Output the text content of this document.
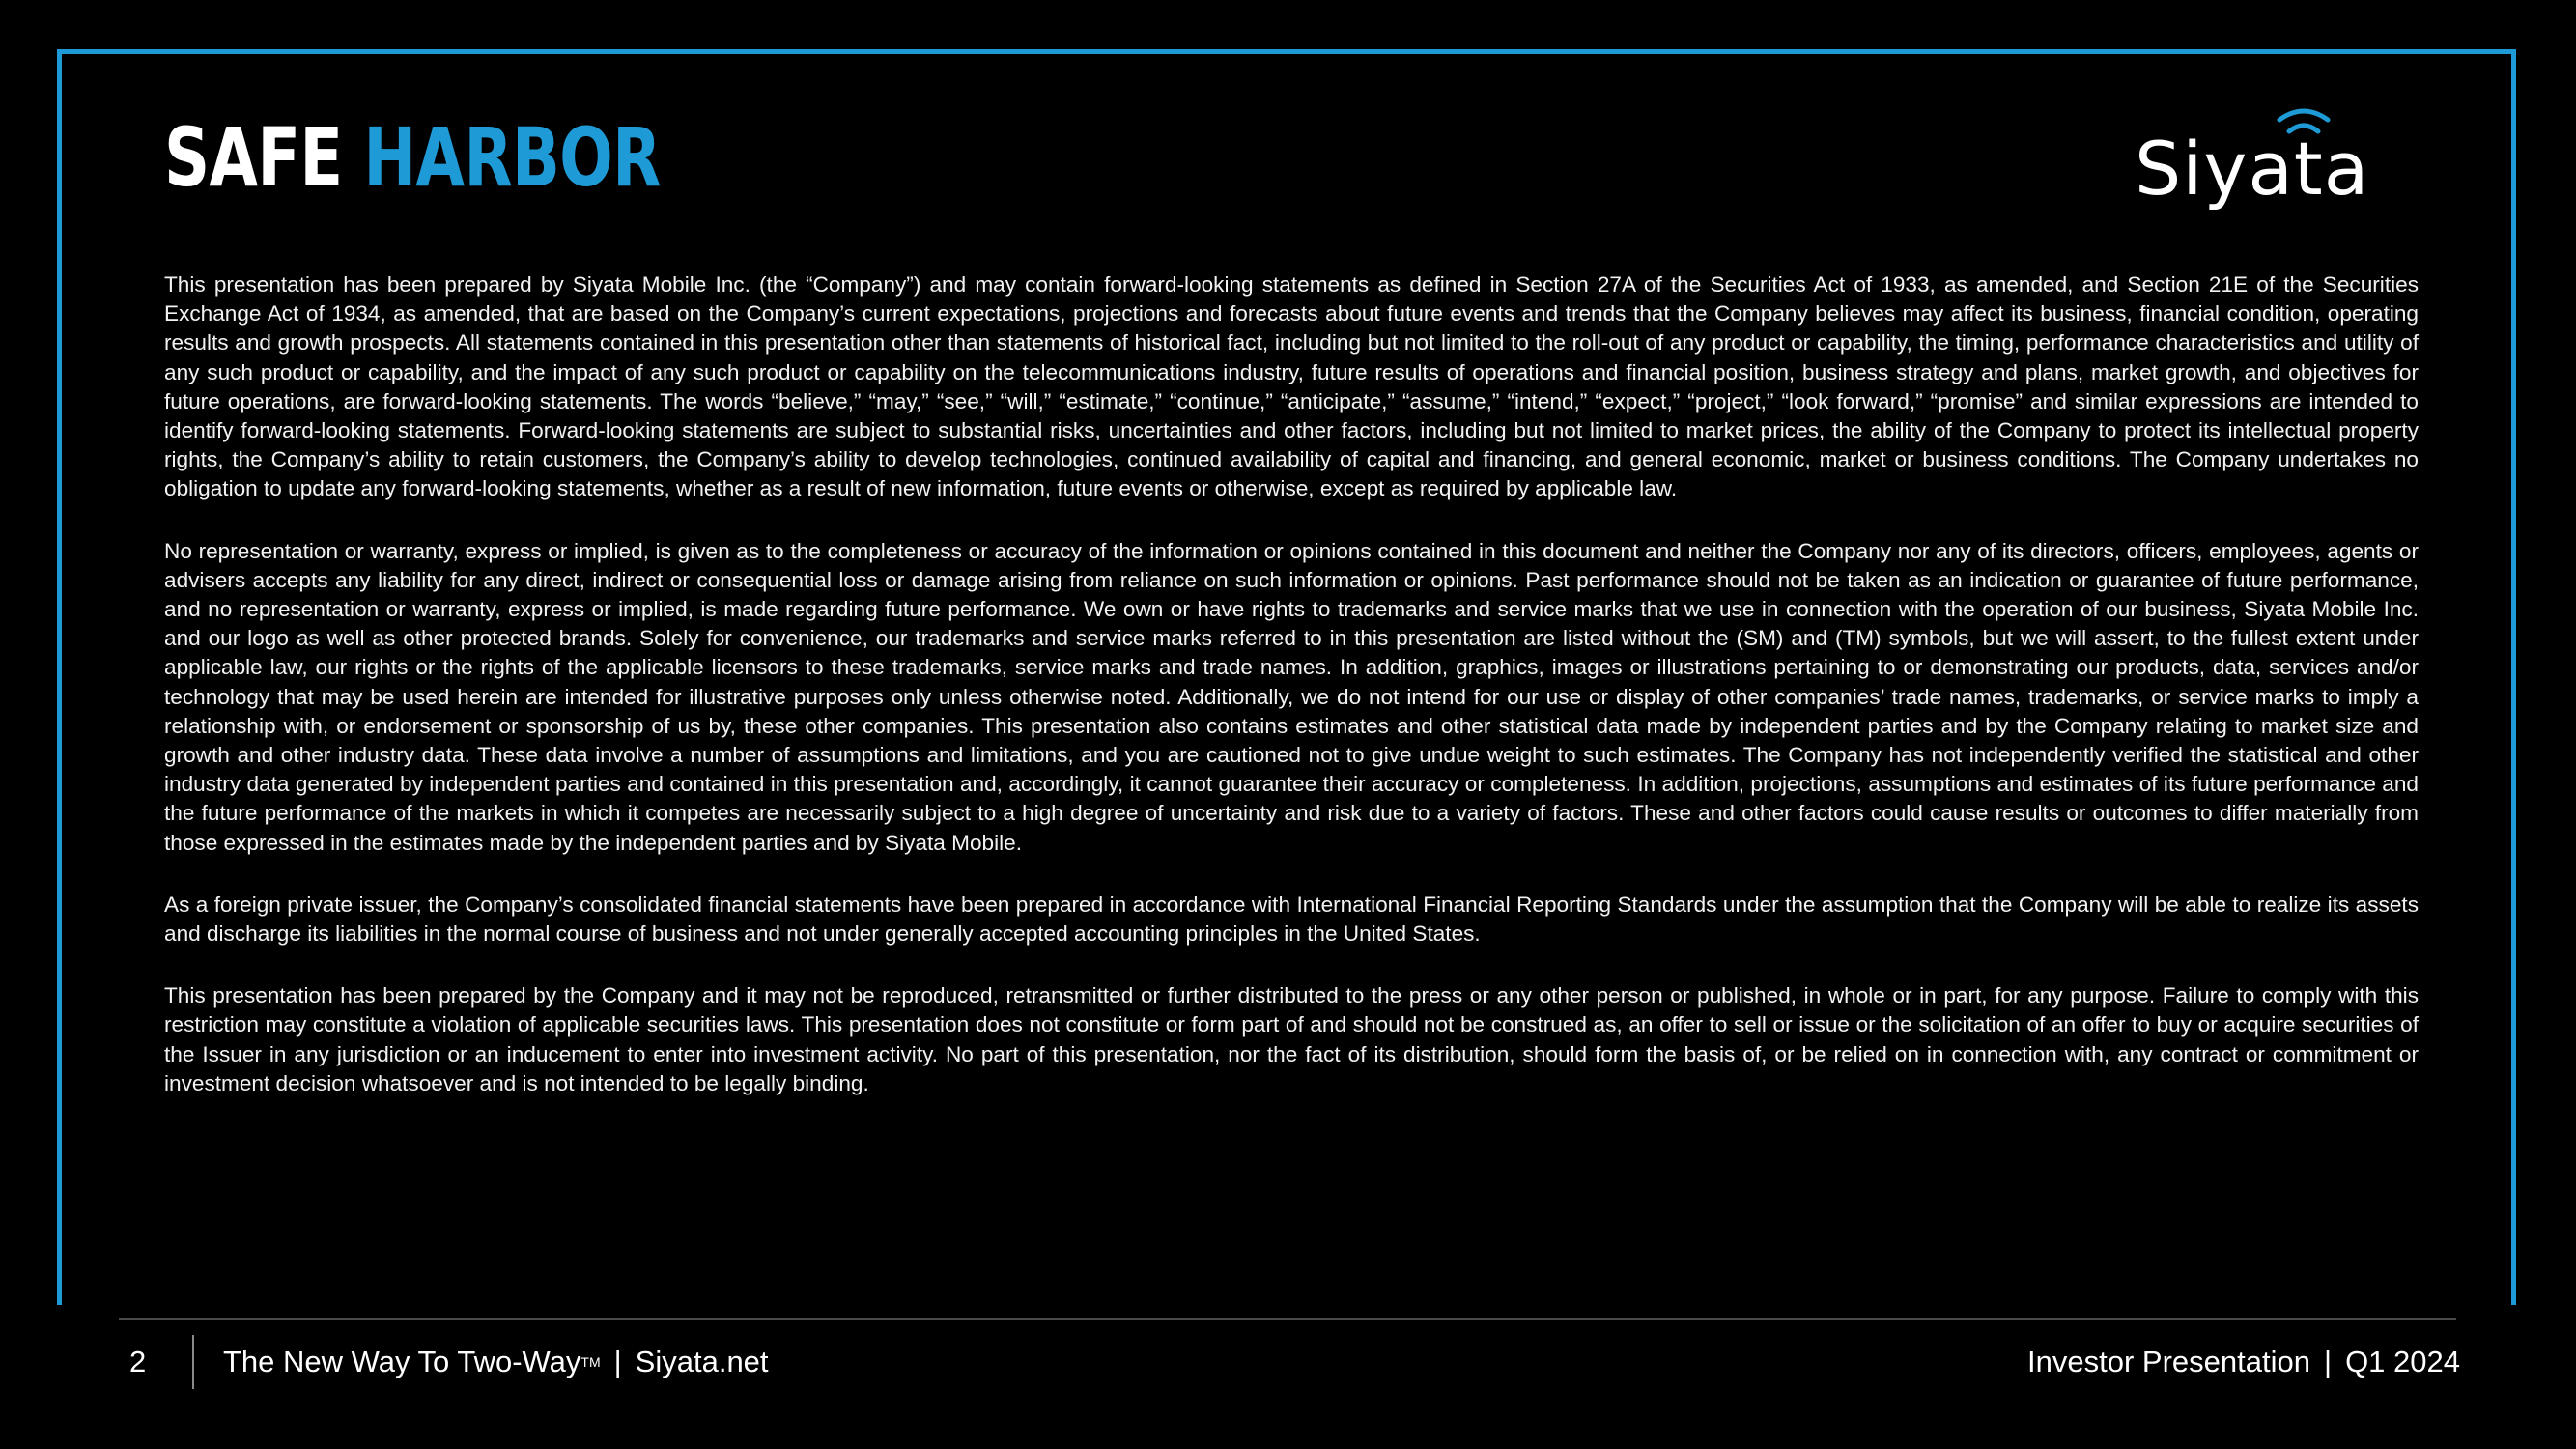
SAFE HARBOR	Siyata

This presentation has been prepared by Siyata Mobile Inc. (the “Company”) and may contain forward-looking statements as defined in Section 27A of the Securities Act of 1933, as amended, and Section 21E of the Securities Exchange Act of 1934, as amended, that are based on the Company’s current expectations, projections and forecasts about future events and trends that the Company believes may affect its business, financial condition, operating results and growth prospects. All statements contained in this presentation other than statements of historical fact, including but not limited to the roll-out of any product or capability, the timing, performance characteristics and utility of any such product or capability, and the impact of any such product or capability on the telecommunications industry, future results of operations and financial position, business strategy and plans, market growth, and objectives for future operations, are forward-looking statements. The words “believe,” “may,” “see,” “will,” “estimate,” “continue,” “anticipate,” “assume,” “intend,” “expect,” “project,” “look forward,” “promise” and similar expressions are intended to identify forward-looking statements. Forward-looking statements are subject to substantial risks, uncertainties and other factors, including but not limited to market prices, the ability of the Company to protect its intellectual property rights, the Company’s ability to retain customers, the Company’s ability to develop technologies, continued availability of capital and financing, and general economic, market or business conditions. The Company undertakes no obligation to update any forward-looking statements, whether as a result of new information, future events or otherwise, except as required by applicable law.

No representation or warranty, express or implied, is given as to the completeness or accuracy of the information or opinions contained in this document and neither the Company nor any of its directors, officers, employees, agents or advisers accepts any liability for any direct, indirect or consequential loss or damage arising from reliance on such information or opinions. Past performance should not be taken as an indication or guarantee of future performance, and no representation or warranty, express or implied, is made regarding future performance. We own or have rights to trademarks and service marks that we use in connection with the operation of our business, Siyata Mobile Inc. and our logo as well as other protected brands. Solely for convenience, our trademarks and service marks referred to in this presentation are listed without the (SM) and (TM) symbols, but we will assert, to the fullest extent under applicable law, our rights or the rights of the applicable licensors to these trademarks, service marks and trade names. In addition, graphics, images or illustrations pertaining to or demonstrating our products, data, services and/or technology that may be used herein are intended for illustrative purposes only unless otherwise noted. Additionally, we do not intend for our use or display of other companies’ trade names, trademarks, or service marks to imply a relationship with, or endorsement or sponsorship of us by, these other companies. This presentation also contains estimates and other statistical data made by independent parties and by the Company relating to market size and growth and other industry data. These data involve a number of assumptions and limitations, and you are cautioned not to give undue weight to such estimates. The Company has not independently verified the statistical and other industry data generated by independent parties and contained in this presentation and, accordingly, it cannot guarantee their accuracy or completeness. In addition, projections, assumptions and estimates of its future performance and the future performance of the markets in which it competes are necessarily subject to a high degree of uncertainty and risk due to a variety of factors. These and other factors could cause results or outcomes to differ materially from those expressed in the estimates made by the independent parties and by Siyata Mobile.

As a foreign private issuer, the Company’s consolidated financial statements have been prepared in accordance with International Financial Reporting Standards under the assumption that the Company will be able to realize its assets and discharge its liabilities in the normal course of business and not under generally accepted accounting principles in the United States.

This presentation has been prepared by the Company and it may not be reproduced, retransmitted or further distributed to the press or any other person or published, in whole or in part, for any purpose. Failure to comply with this restriction may constitute a violation of applicable securities laws. This presentation does not constitute or form part of and should not be construed as, an offer to sell or issue or the solicitation of an offer to buy or acquire securities of the Issuer in any jurisdiction or an inducement to enter into investment activity. No part of this presentation, nor the fact of its distribution, should form the basis of, or be relied on in connection with, any contract or commitment or investment decision whatsoever and is not intended to be legally binding.

2	The New Way To Two-Way TM | Siyata.net	Investor Presentation | Q1 2024
